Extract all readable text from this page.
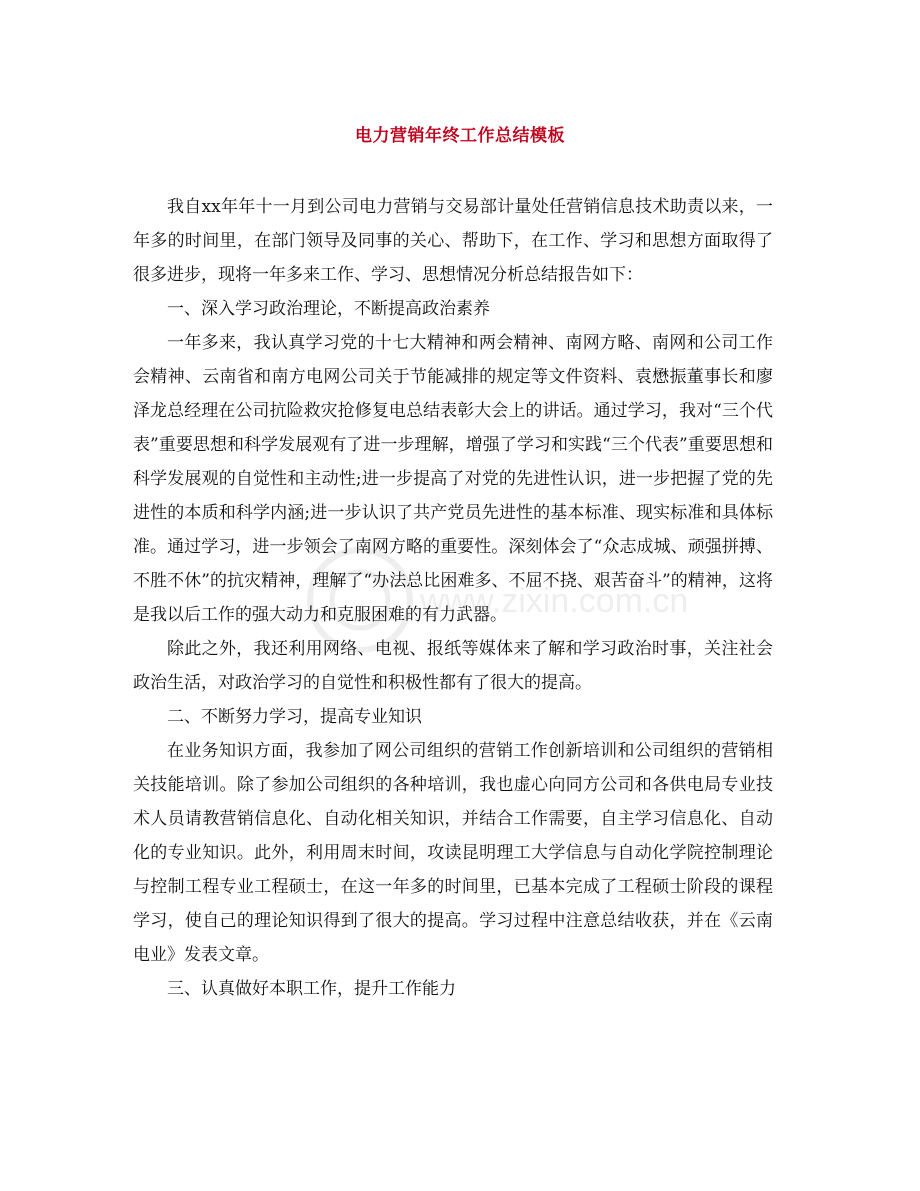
www.zixin.com.cn
电力营销年终工作总结模板

我自xx年年十一月到公司电力营销与交易部计量处任营销信息技术助责以来，一年多的时间里，在部门领导及同事的关心、帮助下，在工作、学习和思想方面取得了很多进步，现将一年多来工作、学习、思想情况分析总结报告如下：

一、深入学习政治理论，不断提高政治素养

一年多来，我认真学习党的十七大精神和两会精神、南网方略、南网和公司工作会精神、云南省和南方电网公司关于节能减排的规定等文件资料、袁懋振董事长和廖泽龙总经理在公司抗险救灾抢修复电总结表彰大会上的讲话。通过学习，我对“三个代表”重要思想和科学发展观有了进一步理解，增强了学习和实践“三个代表”重要思想和科学发展观的自觉性和主动性;进一步提高了对党的先进性认识，进一步把握了党的先进性的本质和科学内涵;进一步认识了共产党员先进性的基本标准、现实标准和具体标准。通过学习，进一步领会了南网方略的重要性。深刻体会了“众志成城、顽强拼搏、不胜不休”的抗灾精神，理解了“办法总比困难多、不屈不挠、艰苦奋斗”的精神，这将是我以后工作的强大动力和克服困难的有力武器。

除此之外，我还利用网络、电视、报纸等媒体来了解和学习政治时事，关注社会政治生活，对政治学习的自觉性和积极性都有了很大的提高。

二、不断努力学习，提高专业知识

在业务知识方面，我参加了网公司组织的营销工作创新培训和公司组织的营销相关技能培训。除了参加公司组织的各种培训，我也虚心向同方公司和各供电局专业技术人员请教营销信息化、自动化相关知识，并结合工作需要，自主学习信息化、自动化的专业知识。此外，利用周末时间，攻读昆明理工大学信息与自动化学院控制理论与控制工程专业工程硕士，在这一年多的时间里，已基本完成了工程硕士阶段的课程学习，使自己的理论知识得到了很大的提高。学习过程中注意总结收获，并在《云南电业》发表文章。

三、认真做好本职工作，提升工作能力
